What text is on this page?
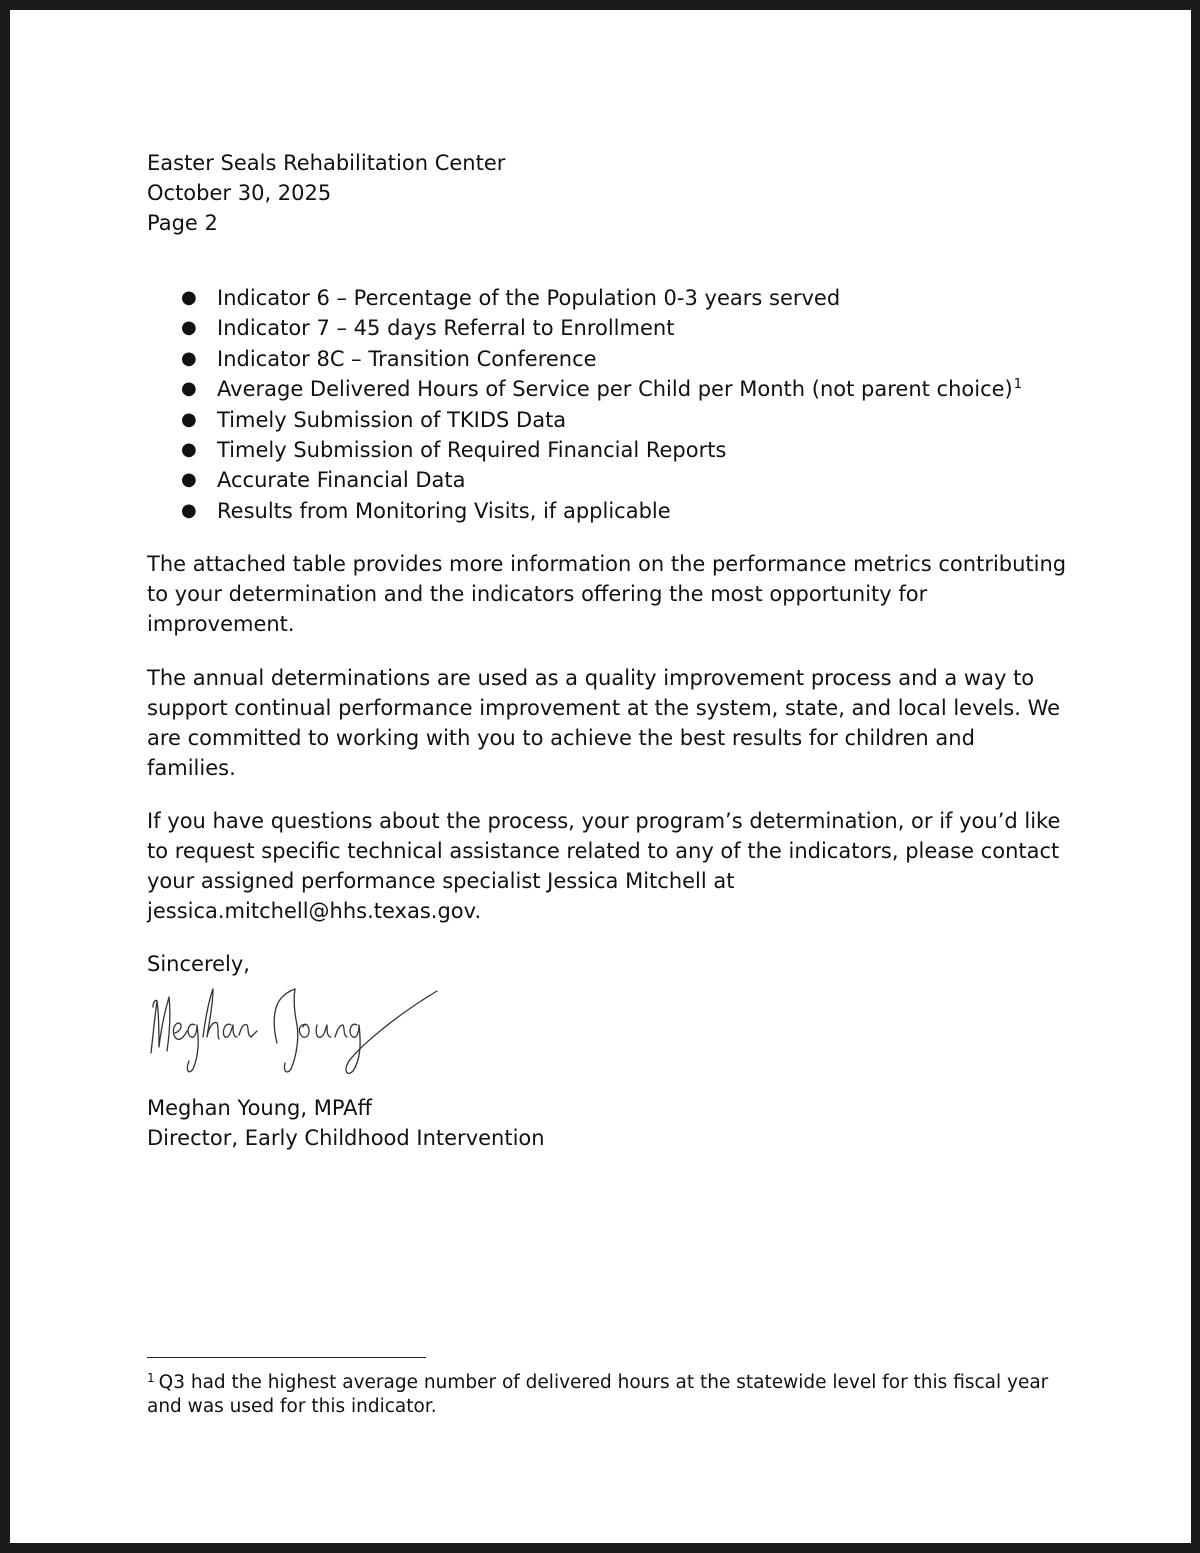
Easter Seals Rehabilitation Center
October 30, 2025
Page 2
● Indicator 6 – Percentage of the Population 0-3 years served
● Indicator 7 – 45 days Referral to Enrollment
● Indicator 8C – Transition Conference
● Average Delivered Hours of Service per Child per Month (not parent choice)$^1$
● Timely Submission of TKIDS Data
● Timely Submission of Required Financial Reports
● Accurate Financial Data
● Results from Monitoring Visits, if applicable

The attached table provides more information on the performance metrics contributing to your determination and the indicators offering the most opportunity for improvement.

The annual determinations are used as a quality improvement process and a way to support continual performance improvement at the system, state, and local levels. We are committed to working with you to achieve the best results for children and families.

If you have questions about the process, your program’s determination, or if you’d like to request specific technical assistance related to any of the indicators, please contact your assigned performance specialist Jessica Mitchell at jessica.mitchell@hhs.texas.gov.

Sincerely,

Meghan Young, MPAff
Director, Early Childhood Intervention
$^1$ Q3 had the highest average number of delivered hours at the statewide level for this fiscal year and was used for this indicator.
